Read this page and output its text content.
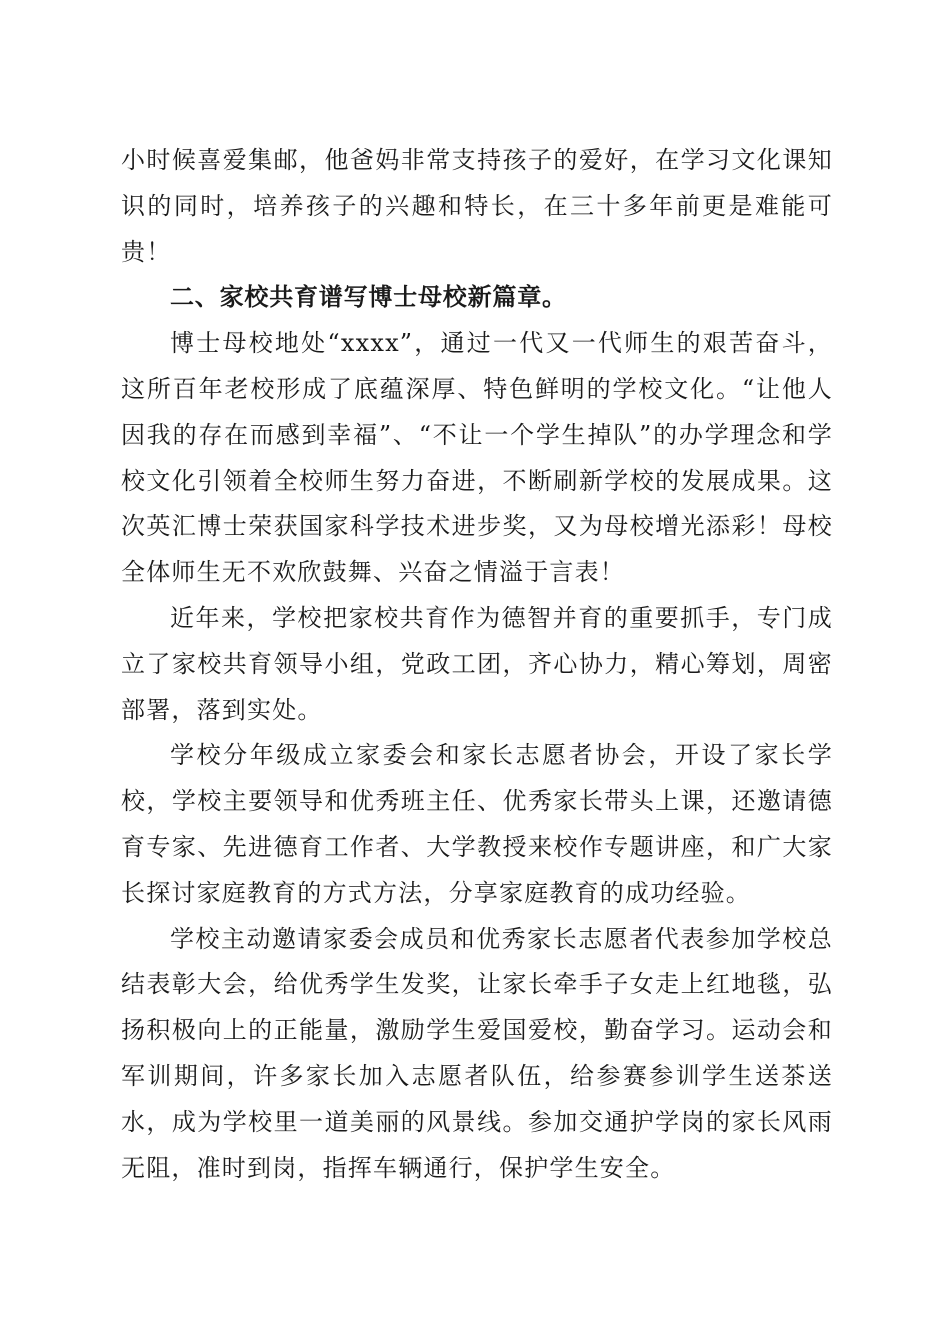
小时候喜爱集邮，他爸妈非常支持孩子的爱好，在学习文化课知识的同时，培养孩子的兴趣和特长，在三十多年前更是难能可贵！

二、家校共育谱写博士母校新篇章。

博士母校地处“xxxx”，通过一代又一代师生的艰苦奋斗，这所百年老校形成了底蕴深厚、特色鲜明的学校文化。“让他人因我的存在而感到幸福”、“不让一个学生掉队”的办学理念和学校文化引领着全校师生努力奋进，不断刷新学校的发展成果。这次英汇博士荣获国家科学技术进步奖，又为母校增光添彩！母校全体师生无不欢欣鼓舞、兴奋之情溢于言表！

近年来，学校把家校共育作为德智并育的重要抓手，专门成立了家校共育领导小组，党政工团，齐心协力，精心筹划，周密部署，落到实处。

学校分年级成立家委会和家长志愿者协会，开设了家长学校，学校主要领导和优秀班主任、优秀家长带头上课，还邀请德育专家、先进德育工作者、大学教授来校作专题讲座，和广大家长探讨家庭教育的方式方法，分享家庭教育的成功经验。

学校主动邀请家委会成员和优秀家长志愿者代表参加学校总结表彰大会，给优秀学生发奖，让家长牵手子女走上红地毯，弘扬积极向上的正能量，激励学生爱国爱校，勤奋学习。运动会和军训期间，许多家长加入志愿者队伍，给参赛参训学生送茶送水，成为学校里一道美丽的风景线。参加交通护学岗的家长风雨无阻，准时到岗，指挥车辆通行，保护学生安全。
